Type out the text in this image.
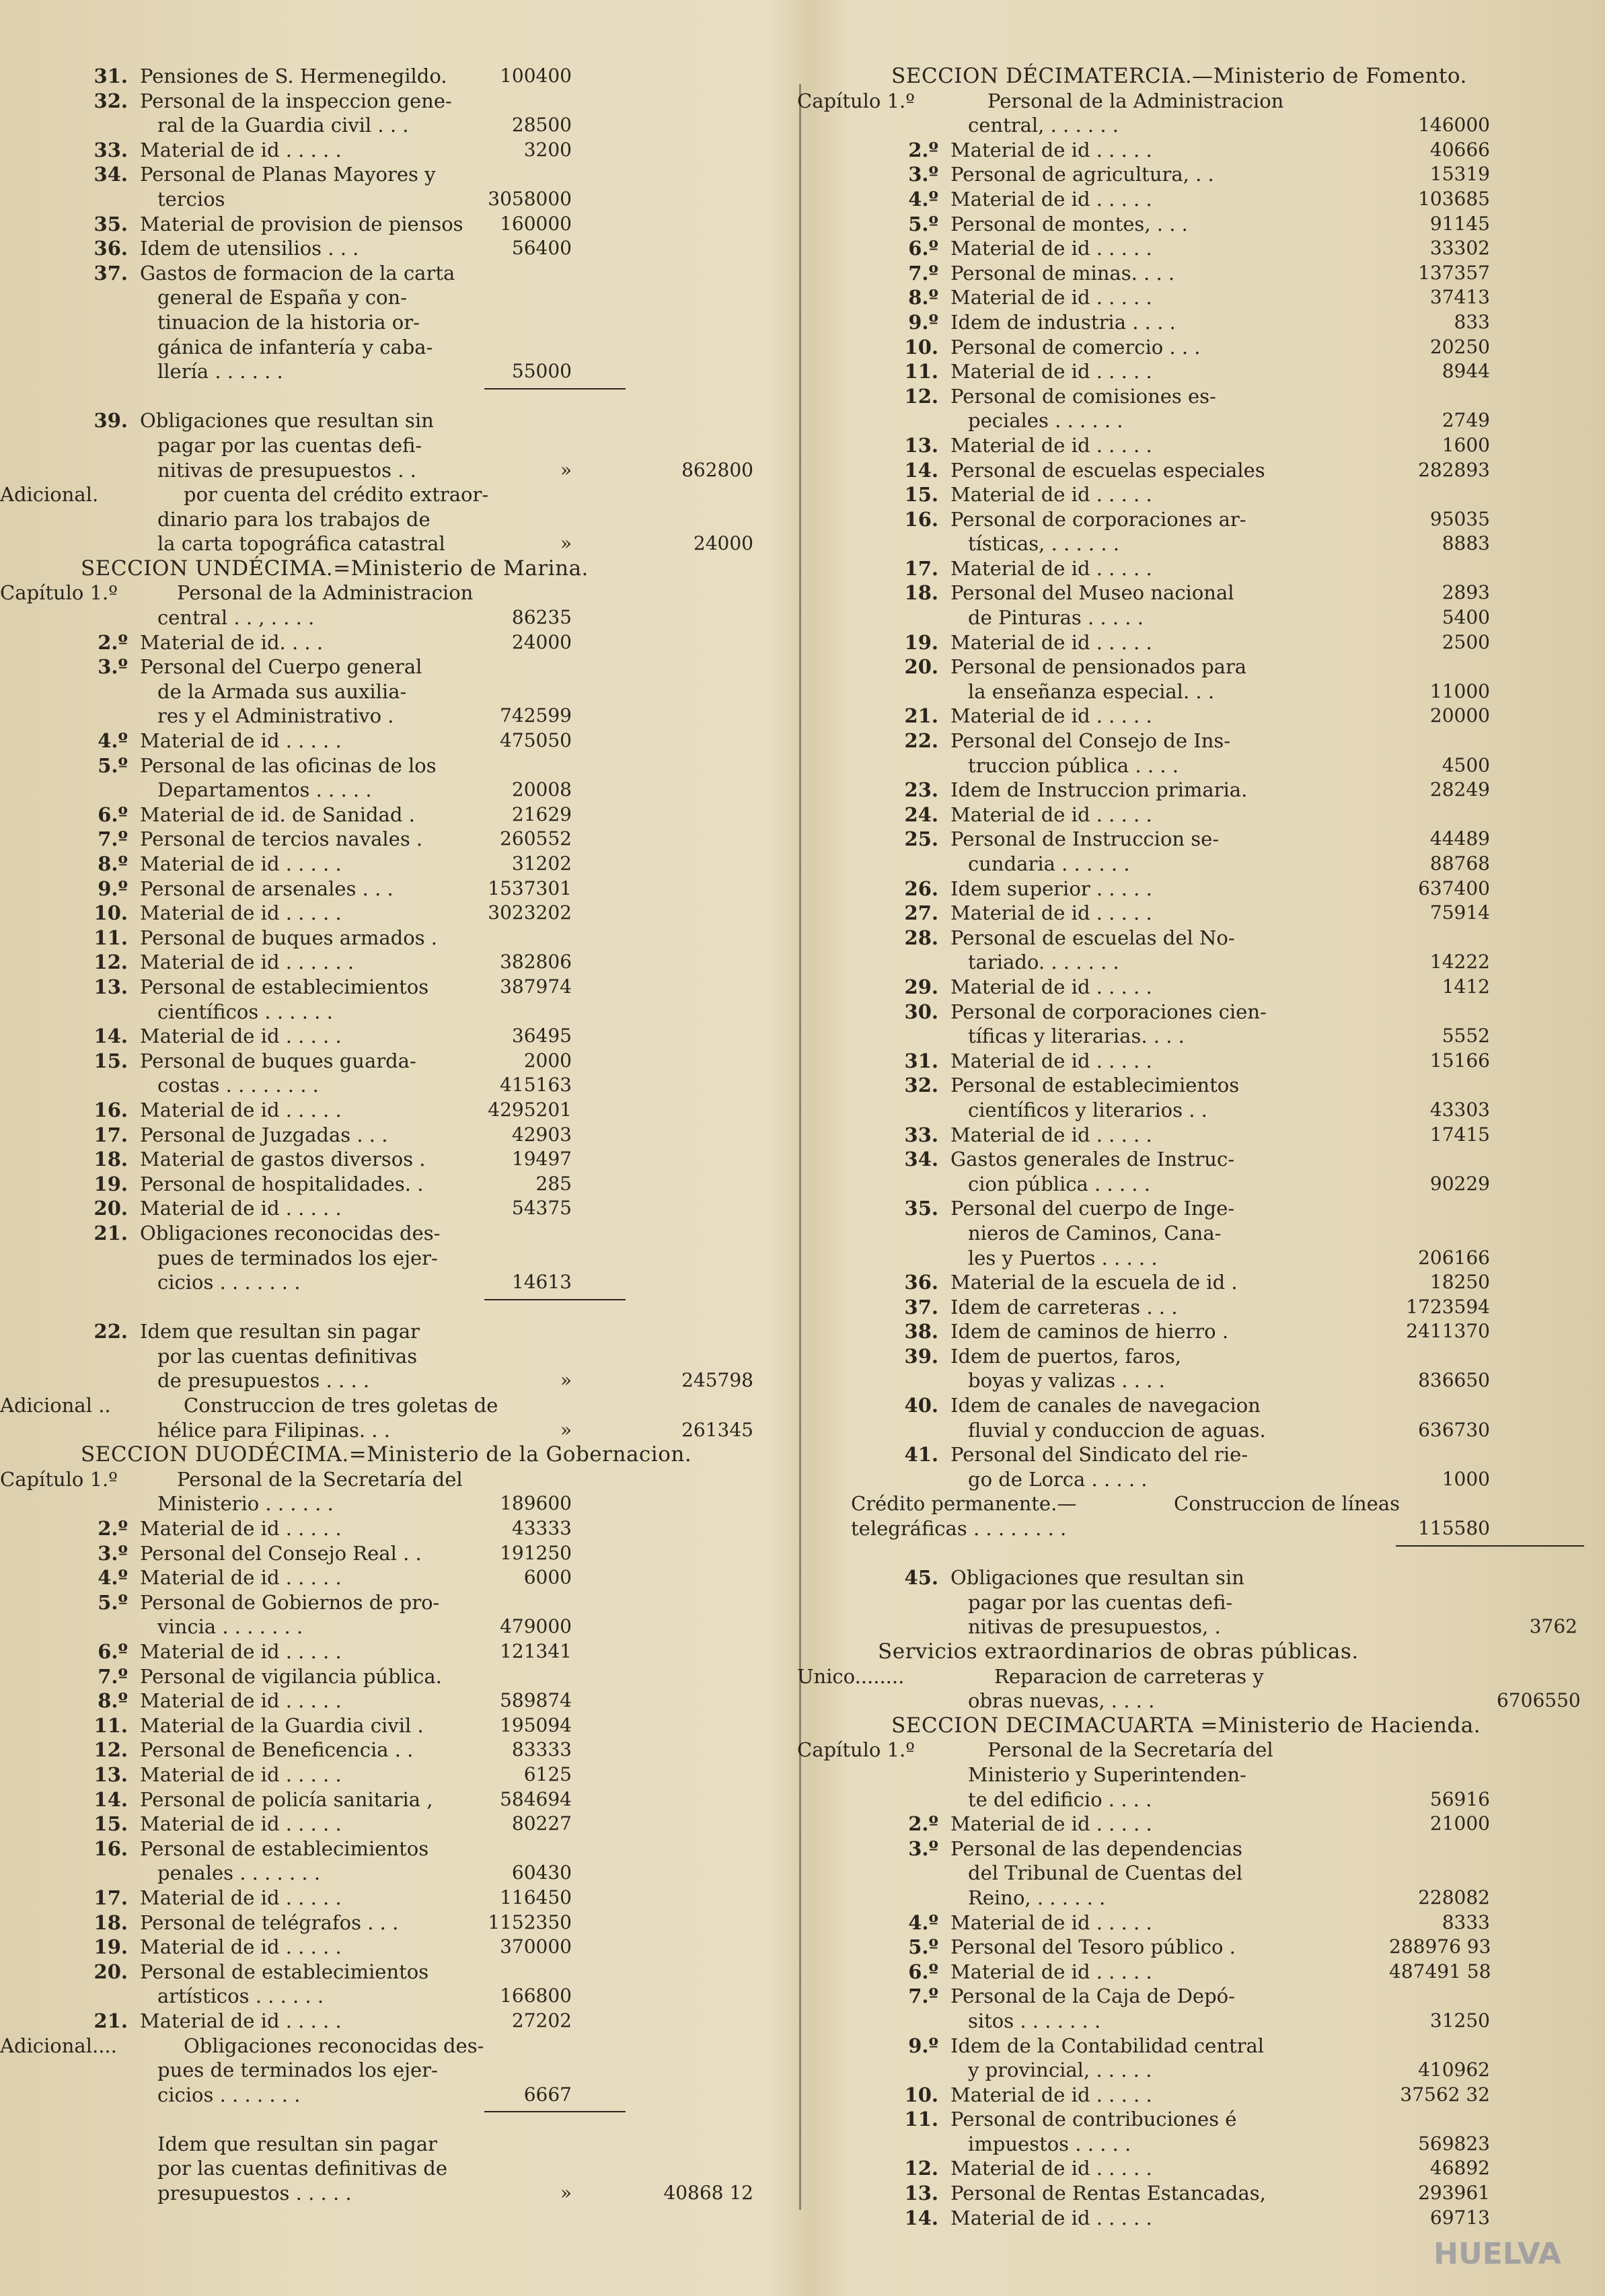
31. Pensiones de S. Hermenegildo.	100400
32. Personal de la inspeccion gene-
ral de la Guardia civil . . .	28500
33. Material de id . . . . .	3200
34. Personal de Planas Mayores y
tercios	3058000
35. Material de provision de piensos	160000
36. Idem de utensilios . . .	56400
37. Gastos de formacion de la carta
general de España y con-
tinuacion de la historia or-
gánica de infantería y caba-
llería . . . . . .	55000
39. Obligaciones que resultan sin
pagar por las cuentas defi-
nitivas de presupuestos . .	»	862800
Adicional.	por cuenta del crédito extraor-
dinario para los trabajos de
la carta topográfica catastral	»	24000
SECCION UNDÉCIMA.=Ministerio de Marina.
Capítulo 1.º	Personal de la Administracion
central . . , . . . .	86235
2.º Material de id. . . .	24000
3.º Personal del Cuerpo general
de la Armada sus auxilia-
res y el Administrativo .	742599
4.º Material de id . . . . .	475050
5.º Personal de las oficinas de los
Departamentos . . . . .	20008
6.º Material de id. de Sanidad .	21629
7.º Personal de tercios navales .	260552
8.º Material de id . . . . .	31202
9.º Personal de arsenales . . .	1537301
10. Material de id . . . . .	3023202
11. Personal de buques armados .
12. Material de id . . . . . .	382806
13. Personal de establecimientos	387974
científicos . . . . . .
14. Material de id . . . . .	36495
15. Personal de buques guarda-	2000
costas . . . . . . . .	415163
16. Material de id . . . . .	4295201
17. Personal de Juzgadas . . .	42903
18. Material de gastos diversos .	19497
19. Personal de hospitalidades. .	285
20. Material de id . . . . .	54375
21. Obligaciones reconocidas des-
pues de terminados los ejer-
cicios . . . . . . .	14613
22. Idem que resultan sin pagar
por las cuentas definitivas
de presupuestos . . . .	»	245798
Adicional ..	Construccion de tres goletas de
hélice para Filipinas. . .	»	261345
SECCION DUODÉCIMA.=Ministerio de la Gobernacion.
Capítulo 1.º	Personal de la Secretaría del
Ministerio . . . . . .	189600
2.º Material de id . . . . .	43333
3.º Personal del Consejo Real . .	191250
4.º Material de id . . . . .	6000
5.º Personal de Gobiernos de pro-
vincia . . . . . . .	479000
6.º Material de id . . . . .	121341
7.º Personal de vigilancia pública.
8.º Material de id . . . . .	589874
11. Material de la Guardia civil .	195094
12. Personal de Beneficencia . .	83333
13. Material de id . . . . .	6125
14. Personal de policía sanitaria ,	584694
15. Material de id . . . . .	80227
16. Personal de establecimientos
penales . . . . . . .	60430
17. Material de id . . . . .	116450
18. Personal de telégrafos . . .	1152350
19. Material de id . . . . .	370000
20. Personal de establecimientos
artísticos . . . . . .	166800
21. Material de id . . . . .	27202
Adicional....	Obligaciones reconocidas des-
pues de terminados los ejer-
cicios . . . . . . .	6667
Idem que resultan sin pagar
por las cuentas definitivas de
presupuestos . . . . .	»	40868 12
SECCION DÉCIMATERCIA.—Ministerio de Fomento.
Capítulo 1.º	Personal de la Administracion
central, . . . . . .	146000
2.º Material de id . . . . .	40666
3.º Personal de agricultura, . .	15319
4.º Material de id . . . . .	103685
5.º Personal de montes, . . .	91145
6.º Material de id . . . . .	33302
7.º Personal de minas. . . .	137357
8.º Material de id . . . . .	37413
9.º Idem de industria . . . .	833
10. Personal de comercio . . .	20250
11. Material de id . . . . .	8944
12. Personal de comisiones es-
peciales . . . . . .	2749
13. Material de id . . . . .	1600
14. Personal de escuelas especiales	282893
15. Material de id . . . . .
16. Personal de corporaciones ar-	95035
tísticas, . . . . . .	8883
17. Material de id . . . . .
18. Personal del Museo nacional	2893
de Pinturas . . . . .	5400
19. Material de id . . . . .	2500
20. Personal de pensionados para
la enseñanza especial. . .	11000
21. Material de id . . . . .	20000
22. Personal del Consejo de Ins-
truccion pública . . . .	4500
23. Idem de Instruccion primaria.	28249
24. Material de id . . . . .
25. Personal de Instruccion se-	44489
cundaria . . . . . .	88768
26. Idem superior . . . . .	637400
27. Material de id . . . . .	75914
28. Personal de escuelas del No-
tariado. . . . . . .	14222
29. Material de id . . . . .	1412
30. Personal de corporaciones cien-
tíficas y literarias. . . .	5552
31. Material de id . . . . .	15166
32. Personal de establecimientos
científicos y literarios . .	43303
33. Material de id . . . . .	17415
34. Gastos generales de Instruc-
cion pública . . . . .	90229
35. Personal del cuerpo de Inge-
nieros de Caminos, Cana-
les y Puertos . . . . .	206166
36. Material de la escuela de id .	18250
37. Idem de carreteras . . .	1723594
38. Idem de caminos de hierro .	2411370
39. Idem de puertos, faros,
boyas y valizas . . . .	836650
40. Idem de canales de navegacion
fluvial y conduccion de aguas.	636730
41. Personal del Sindicato del rie-
go de Lorca . . . . .	1000
Crédito permanente.—	Construccion de líneas
telegráficas . . . . . . . .	115580
45. Obligaciones que resultan sin
pagar por las cuentas defi-
nitivas de presupuestos, .	3762
Servicios extraordinarios de obras públicas.
Unico........	Reparacion de carreteras y
obras nuevas, . . . .	6706550
SECCION DECIMACUARTA =Ministerio de Hacienda.
Capítulo 1.º	Personal de la Secretaría del
Ministerio y Superintenden-
te del edificio . . . .	56916
2.º Material de id . . . . .	21000
3.º Personal de las dependencias
del Tribunal de Cuentas del
Reino, . . . . . .	228082
4.º Material de id . . . . .	8333
5.º Personal del Tesoro público .	288976 93
6.º Material de id . . . . .	487491 58
7.º Personal de la Caja de Depó-
sitos . . . . . . .	31250
9.º Idem de la Contabilidad central
y provincial, . . . . .	410962
10. Material de id . . . . .	37562 32
11. Personal de contribuciones é
impuestos . . . . .	569823
12. Material de id . . . . .	46892
13. Personal de Rentas Estancadas,	293961
14. Material de id . . . . .	69713
HUELVA
